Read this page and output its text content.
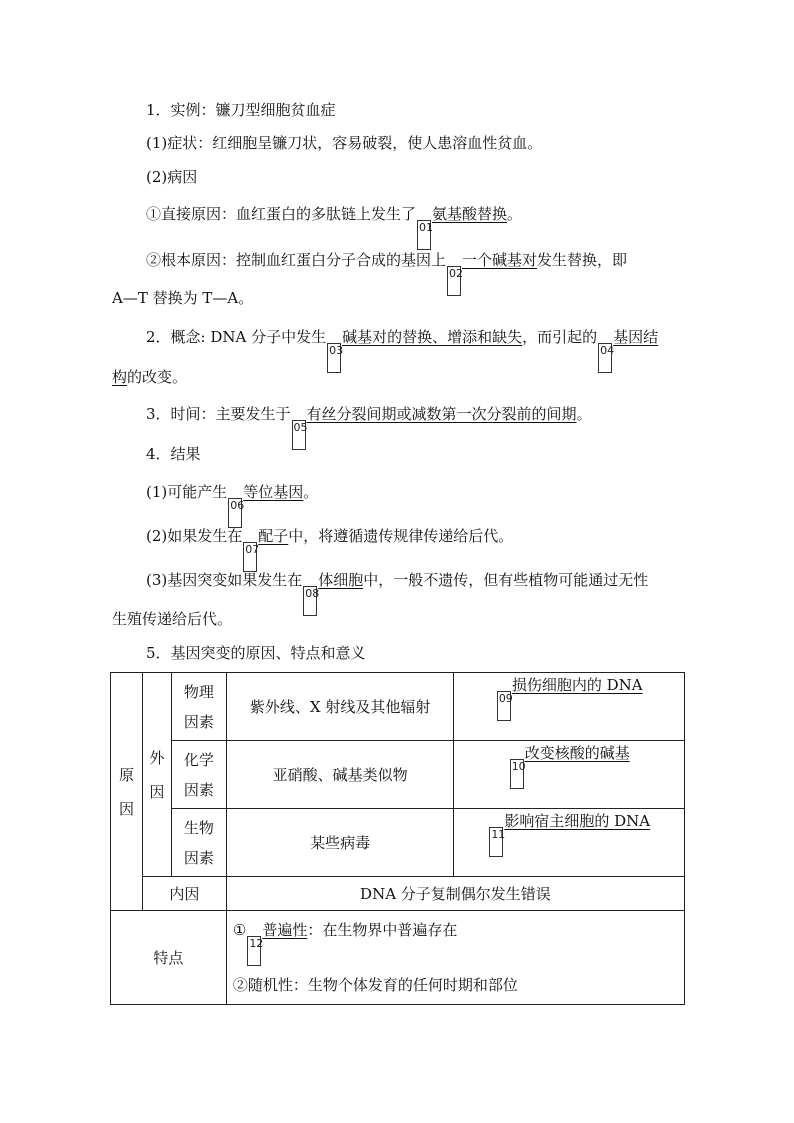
1．实例：镰刀型细胞贫血症
(1)症状：红细胞呈镰刀状，容易破裂，使人患溶血性贫血。
(2)病因
①直接原因：血红蛋白的多肽链上发生了01氨基酸替换。
②根本原因：控制血红蛋白分子合成的基因上02一个碱基对发生替换，即
A—T 替换为 T—A。
2．概念: DNA 分子中发生03碱基对的替换、增添和缺失，而引起的04基因结
构的改变。
3．时间：主要发生于05有丝分裂间期或减数第一次分裂前的间期。
4．结果
(1)可能产生06等位基因。
(2)如果发生在07配子中，将遵循遗传规律传递给后代。
(3)基因突变如果发生在08体细胞中，一般不遗传，但有些植物可能通过无性
生殖传递给后代。
5．基因突变的原因、特点和意义
原因	外因	物理因素	紫外线、X 射线及其他辐射	09损伤细胞内的 DNA

		化学因素	亚硝酸、碱基类似物	10改变核酸的碱基

		生物因素	某些病毒	11影响宿主细胞的 DNA
	内因		DNA 分子复制偶尔发生错误	
特点			①12普遍性：在生物界中普遍存在
②随机性：生物个体发育的任何时期和部位	
